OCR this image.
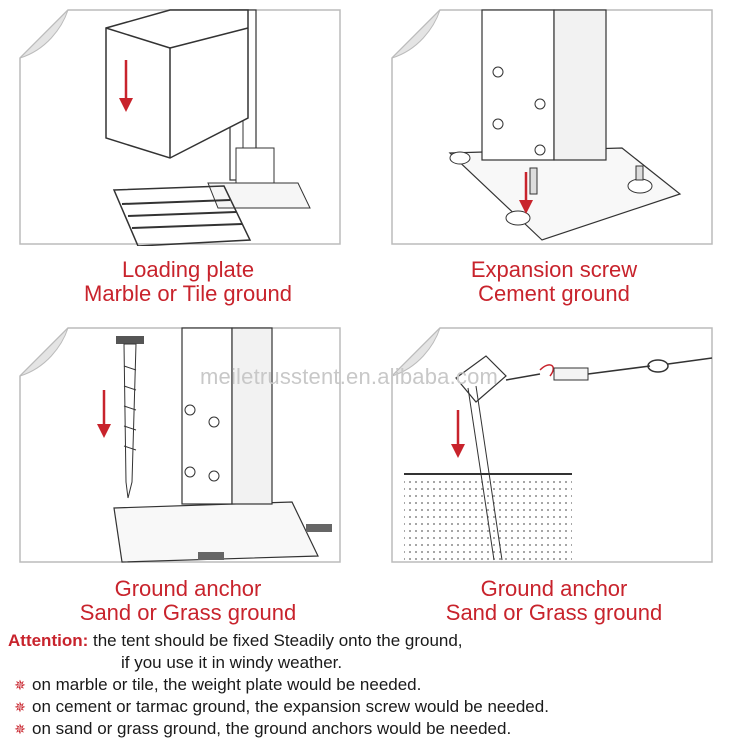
Loading plate
Marble or Tile ground
Expansion screw
Cement ground
Ground anchor
Sand or Grass ground
Ground anchor
Sand or Grass ground
meiletrusstent.en.alibaba.com
Attention: the tent should be fixed Steadily onto the ground,
if you use it in windy weather.
✵ on marble or tile, the weight plate would be needed.
✵ on cement or tarmac ground, the expansion screw would be needed.
✵ on sand or grass ground, the ground anchors would be needed.
